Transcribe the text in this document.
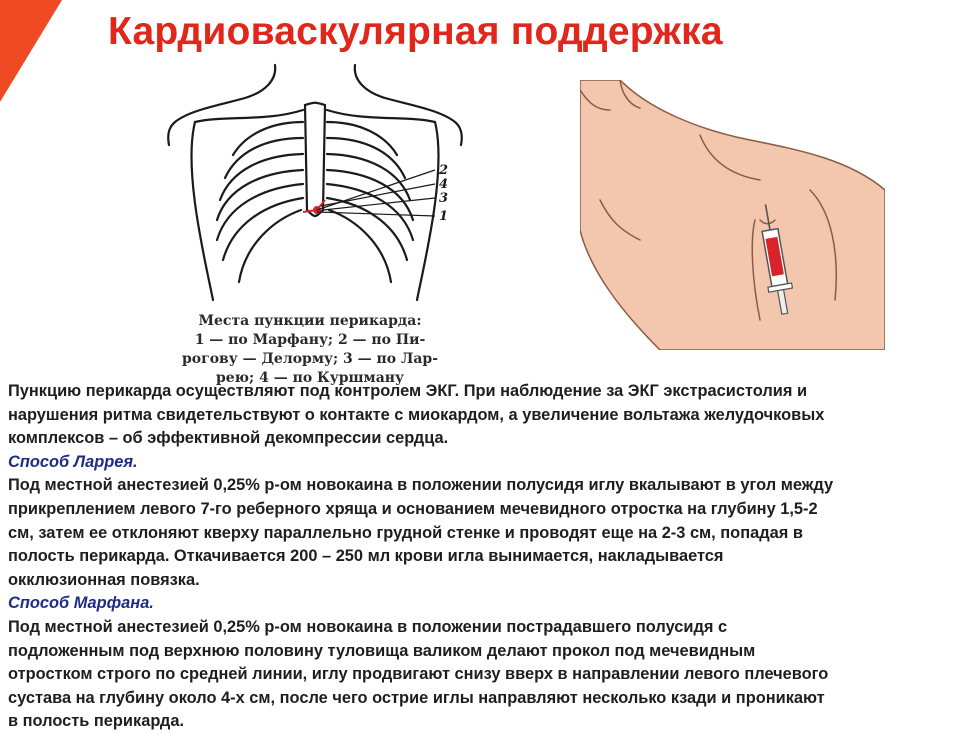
Кардиоваскулярная поддержка
2
4
3
1
Места пункции перикарда:
1 — по Марфану; 2 — по Пи-
рогову — Делорму; 3 — по Лар-
рею; 4 — по Куршману
Пункцию перикарда осуществляют под контролем ЭКГ. При наблюдение за ЭКГ экстрасистолия и
нарушения ритма свидетельствуют о контакте с миокардом, а увеличение вольтажа желудочковых
комплексов – об эффективной декомпрессии сердца.
Способ Ларрея.
Под местной анестезией 0,25% р-ом новокаина в положении полусидя иглу вкалывают в угол между
прикреплением левого 7-го реберного хряща и основанием мечевидного отростка на глубину 1,5-2
см, затем ее отклоняют кверху параллельно грудной стенке и проводят еще на 2-3 см, попадая в
полость перикарда. Откачивается 200 – 250 мл крови игла вынимается, накладывается
окклюзионная повязка.
Способ Марфана.
Под местной анестезией 0,25% р-ом новокаина в положении пострадавшего полусидя с
подложенным под верхнюю половину туловища валиком делают прокол под мечевидным
отростком строго по средней линии, иглу продвигают снизу вверх в направлении левого плечевого
сустава на глубину около 4-х см, после чего острие иглы направляют несколько кзади и проникают
в полость перикарда.
